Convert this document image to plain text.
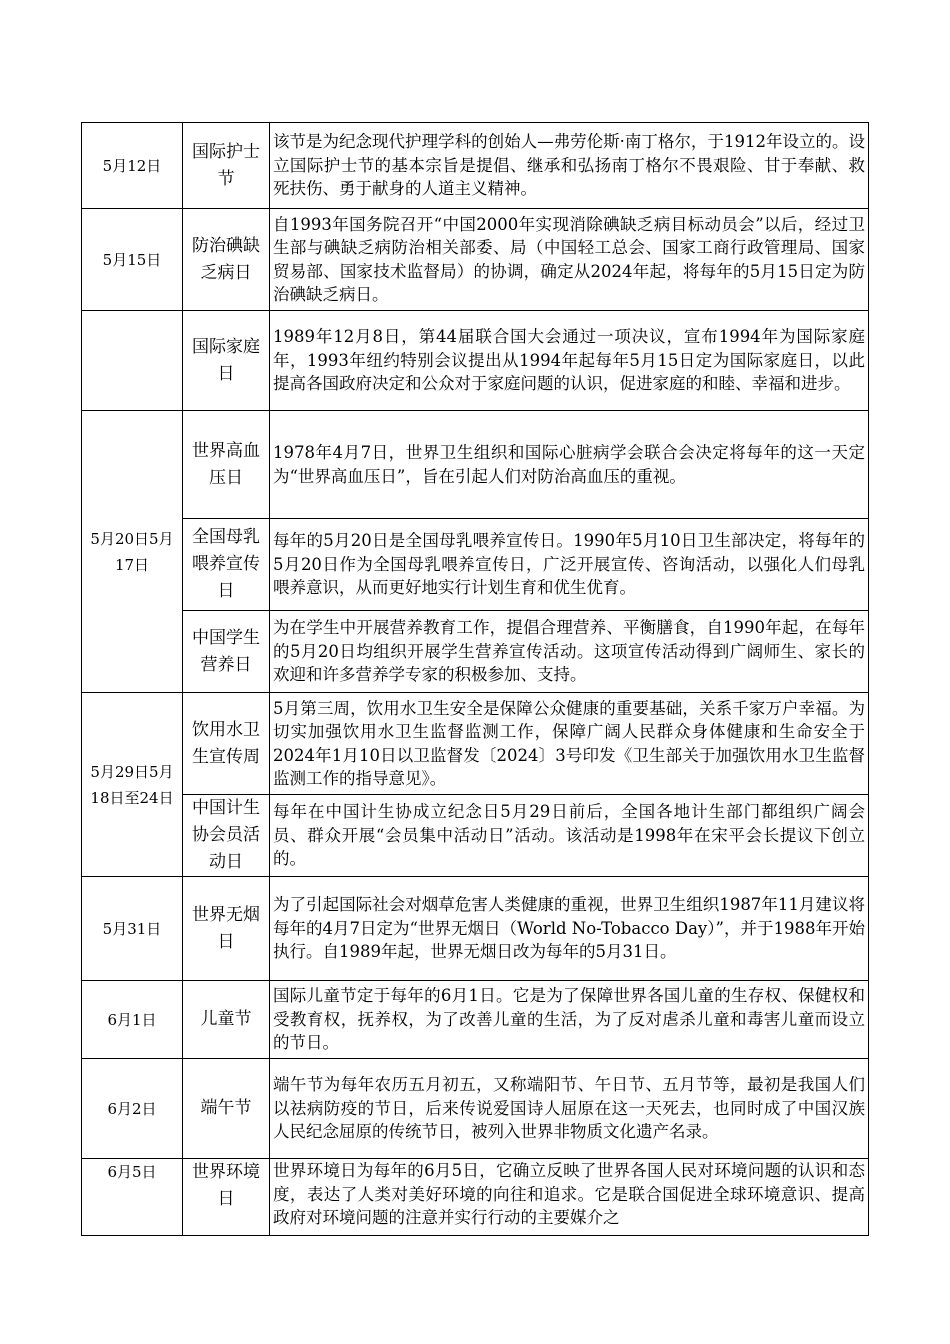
5月12日	国际护士节	该节是为纪念现代护理学科的创始人—弗劳伦斯·南丁格尔，于1912年设立的。设立国际护士节的基本宗旨是提倡、继承和弘扬南丁格尔不畏艰险、甘于奉献、救死扶伤、勇于献身的人道主义精神。
5月15日	防治碘缺乏病日	自1993年国务院召开“中国2000年实现消除碘缺乏病目标动员会”以后，经过卫生部与碘缺乏病防治相关部委、局（中国轻工总会、国家工商行政管理局、国家贸易部、国家技术监督局）的协调，确定从2024年起，将每年的5月15日定为防治碘缺乏病日。
	国际家庭日	1989年12月8日，第44届联合国大会通过一项决议，宣布1994年为国际家庭年，1993年纽约特别会议提出从1994年起每年5月15日定为国际家庭日，以此提高各国政府决定和公众对于家庭问题的认识，促进家庭的和睦、幸福和进步。
5月20日5月17日	世界高血压日	1978年4月7日，世界卫生组织和国际心脏病学会联合会决定将每年的这一天定为“世界高血压日”，旨在引起人们对防治高血压的重视。
	全国母乳喂养宣传日	每年的5月20日是全国母乳喂养宣传日。1990年5月10日卫生部决定，将每年的5月20日作为全国母乳喂养宣传日，广泛开展宣传、咨询活动，以强化人们母乳喂养意识，从而更好地实行计划生育和优生优育。
	中国学生营养日	为在学生中开展营养教育工作，提倡合理营养、平衡膳食，自1990年起，在每年的5月20日均组织开展学生营养宣传活动。这项宣传活动得到广阔师生、家长的欢迎和许多营养学专家的积极参加、支持。
5月29日5月18日至24日	饮用水卫生宣传周	5月第三周，饮用水卫生安全是保障公众健康的重要基础，关系千家万户幸福。为切实加强饮用水卫生监督监测工作，保障广阔人民群众身体健康和生命安全于2024年1月10日以卫监督发〔2024〕3号印发《卫生部关于加强饮用水卫生监督监测工作的指导意见》。
	中国计生协会员活动日	每年在中国计生协成立纪念日5月29日前后，全国各地计生部门都组织广阔会员、群众开展“会员集中活动日”活动。该活动是1998年在宋平会长提议下创立的。
5月31日	世界无烟日	为了引起国际社会对烟草危害人类健康的重视，世界卫生组织1987年11月建议将每年的4月7日定为“世界无烟日（World No-Tobacco Day）”，并于1988年开始执行。自1989年起，世界无烟日改为每年的5月31日。
6月1日	儿童节	国际儿童节定于每年的6月1日。它是为了保障世界各国儿童的生存权、保健权和受教育权，抚养权，为了改善儿童的生活，为了反对虐杀儿童和毒害儿童而设立的节日。
6月2日	端午节	端午节为每年农历五月初五，又称端阳节、午日节、五月节等，最初是我国人们以祛病防疫的节日，后来传说爱国诗人屈原在这一天死去，也同时成了中国汉族人民纪念屈原的传统节日，被列入世界非物质文化遗产名录。
6月5日	世界环境日	世界环境日为每年的6月5日，它确立反映了世界各国人民对环境问题的认识和态度，表达了人类对美好环境的向往和追求。它是联合国促进全球环境意识、提高政府对环境问题的注意并实行行动的主要媒介之
